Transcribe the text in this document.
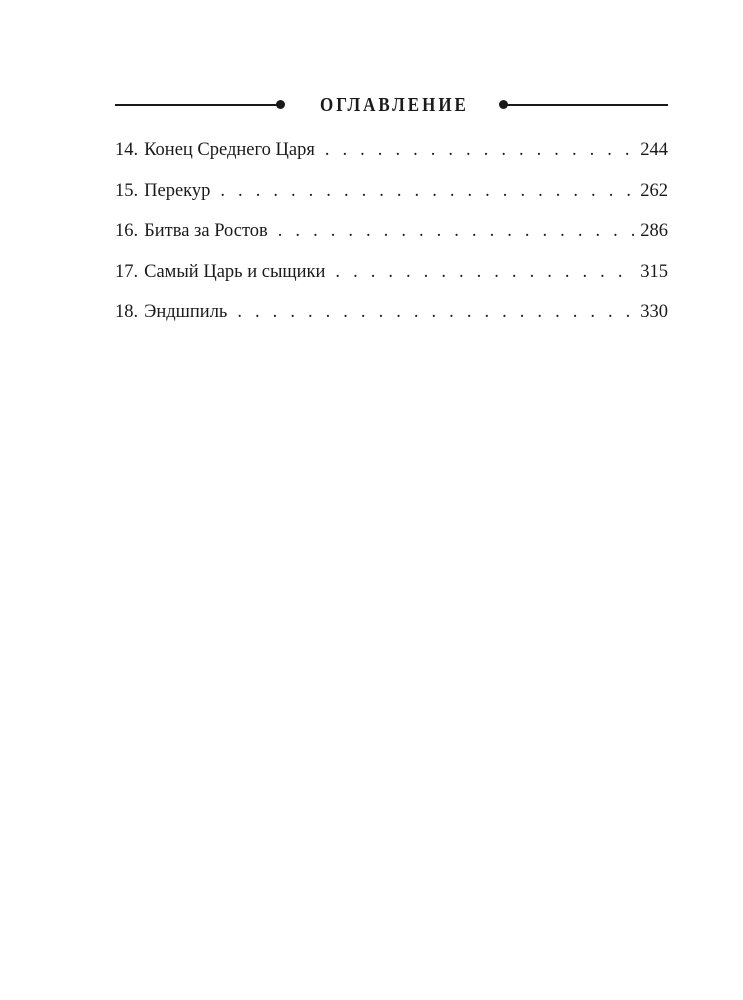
ОГЛАВЛЕНИЕ
14. Конец Среднего Царя . . .	244
15. Перекур . . .	262
16. Битва за Ростов . . .	286
17. Самый Царь и сыщики . . .	315
18. Эндшпиль . . .	330
